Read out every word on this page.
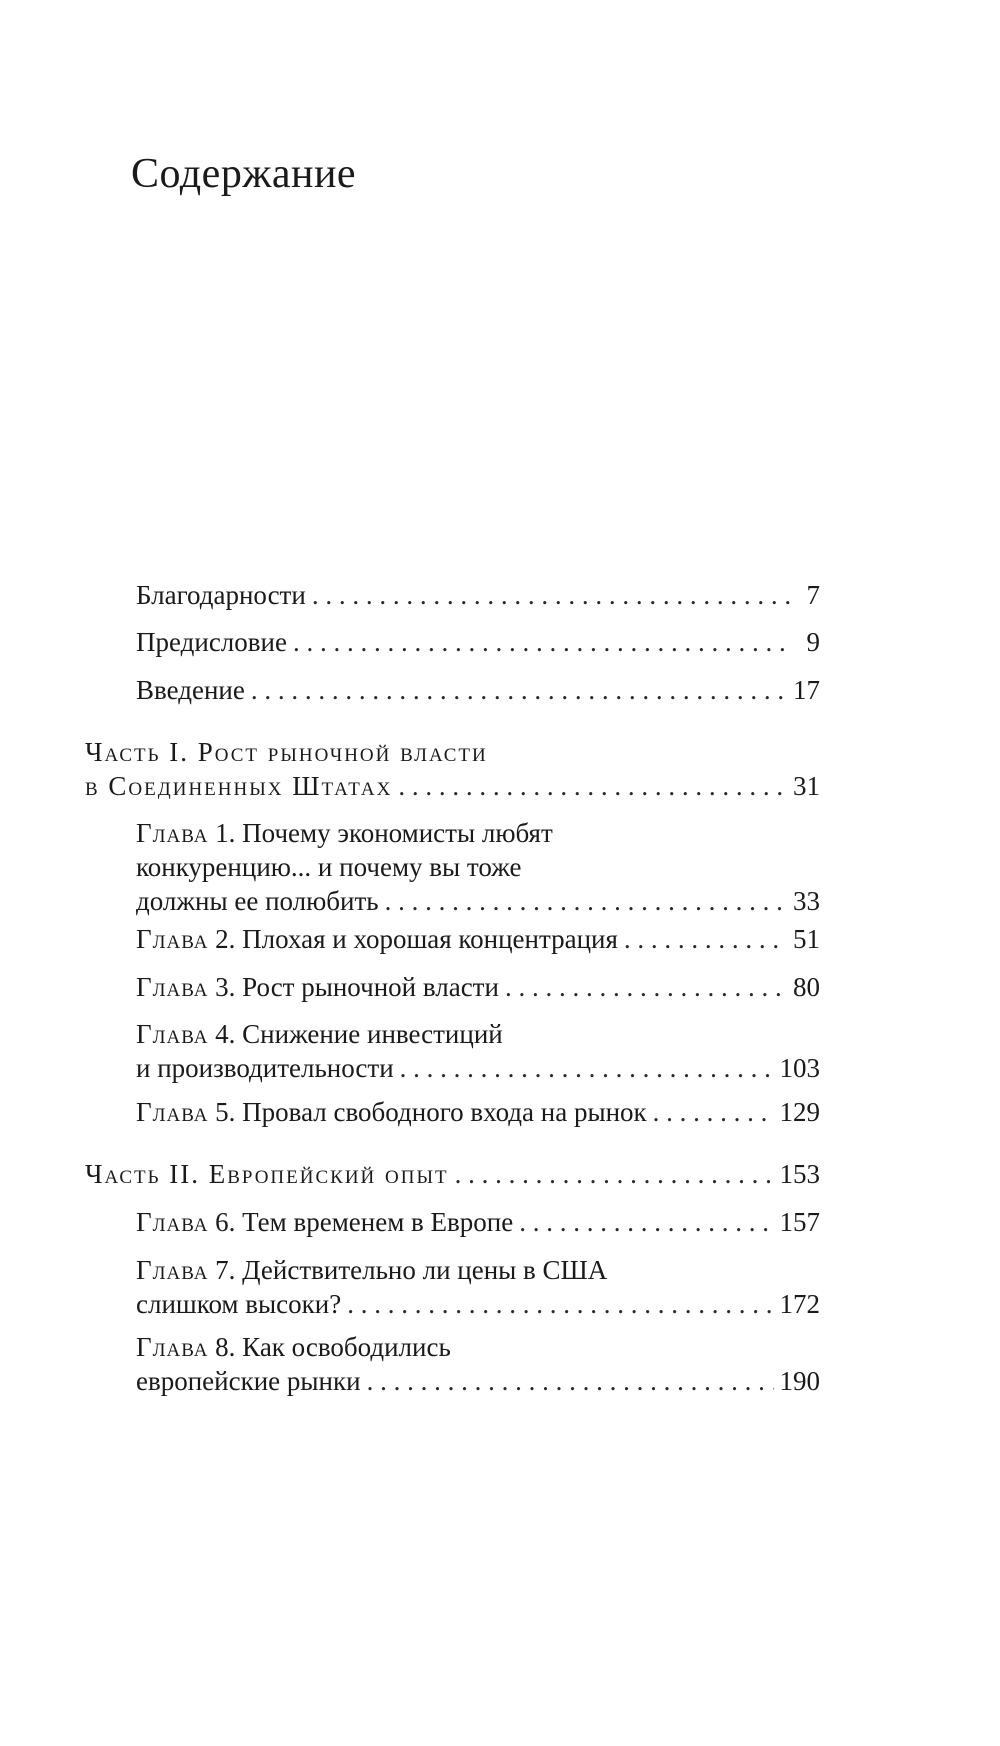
Содержание
Благодарности . . .	7
Предисловие . . .	9
Введение . . .	17
Часть I. Рост рыночной власти
в Соединенных Штатах . . .	31
Глава 1. Почему экономисты любят
конкуренцию... и почему вы тоже
должны ее полюбить . . .	33
Глава 2. Плохая и хорошая концентрация . . .	51
Глава 3. Рост рыночной власти . . .	80
Глава 4. Снижение инвестиций
и производительности . . .	103
Глава 5. Провал свободного входа на рынок . . .	129
Часть II. Европейский опыт . . .	153
Глава 6. Тем временем в Европе . . .	157
Глава 7. Действительно ли цены в США
слишком высоки? . . .	172
Глава 8. Как освободились
европейские рынки . . .	190
